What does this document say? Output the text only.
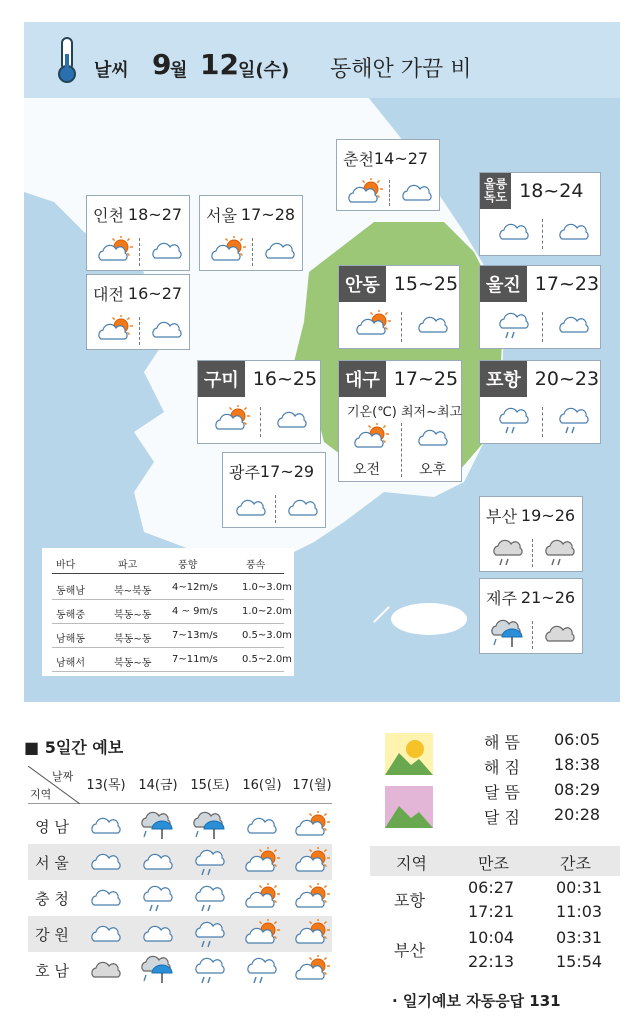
날씨 9
월 12 일(수) 동해안 가끔 비
춘천 14~27
울릉
독도 18~24
인천 18~27	서울 17~28
대전 16~27	안동 15~25	울진 17~23
구미 16~25	대구 17~25
기온(℃) 최저~최고
오전	오후
포항 20~23
광주 17~29
부산 19~26
제주 21~26
바다	파고	풍향	풍속
동해남	북~북동 4~12m/s 1.0~3.0m
동해중	북동~동 4 ~ 9m/s 1.0~2.0m
남해동	북동~동 7~13m/s 0.5~3.0m
남해서	북동~동 7~11m/s 0.5~2.0m
■ 5일간 예보
날짜
지역
13(목) 14(금) 15(토) 16(일) 17(월)
영 남
서 울
충 청
강 원
호 남
지역	만조	간조
· 일기예보 자동응답 131
해 뜸 06:05
해 짐 18:38
달 뜸 08:29
달 짐 20:28
포항
06:27	00:31
17:21	11:03
부산
10:04	03:31
22:13	15:54
